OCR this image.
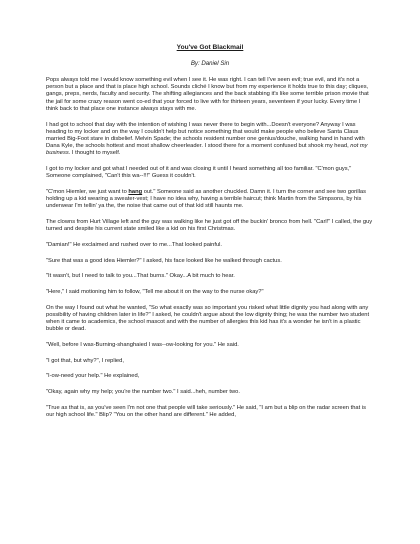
You've Got Blackmail
By: Daniel Sin

Pops always told me I would know something evil when I see it. He was right. I can tell I've seen evil; true evil, and it's not a person but a place and that is place high school. Sounds cliché I know but from my experience it holds true to this day; cliques, gangs, preps, nerds, faculty and security. The shifting allegiances and the back stabbing it's like some terrible prison movie that the jail for some crazy reason went co-ed that your forced to live with for thirteen years, seventeen if your lucky. Every time I think back to that place one instance always stays with me.

I had got to school that day with the intention of wishing I was never there to begin with...Doesn't everyone? Anyway I was heading to my locker and on the way I couldn't help but notice something that would make people who believe Santa Claus married Big-Foot stare in disbelief. Melvin Spade; the schools resident number one genius/douche, walking hand in hand with Dana Kyle, the schools hottest and most shallow cheerleader. I stood there for a moment confused but shook my head, not my business. I thought to myself.

I got to my locker and got what I needed out of it and was closing it until I heard something all too familiar. "C'mon guys," Someone complained, "Can't this wa--!!!" Guess it couldn't.

"C'mon Hiemler, we just want to hang out." Someone said as another chuckled. Damn it. I turn the corner and see two gorillas holding up a kid wearing a sweater-vest; I have no idea why, having a terrible haircut; think Martin from the Simpsons, by his underwear I'm tellin' ya the, the noise that came out of that kid still haunts me.

The clowns from Hurt Village left and the guy was walking like he just got off the buckin' bronco from hell. "Carl!" I called, the guy turned and despite his current state smiled like a kid on his first Christmas.

"Damian!" He exclaimed and rushed over to me...That looked painful.

"Sure that was a good idea Hiemler?" I asked, his face looked like he walked through cactus.

"It wasn't, but I need to talk to you...That burns." Okay...A bit much to hear.

"Here," I said motioning him to follow, "Tell me about it on the way to the nurse okay?"

On the way I found out what he wanted, "So what exactly was so important you risked what little dignity you had along with any possibility of having children later in life?" I asked, he couldn't argue about the low dignity thing; he was the number two student when it came to academics, the school mascot and with the number of allergies this kid has it's a wonder he isn't in a plastic bubble or dead.

"Well, before I was-Burning-shanghaied I was--ow-looking for you." He said.

"I got that, but why?", I replied,

"I-ow-need your help." He explained,

"Okay, again why my help; you're the number two." I said...heh, number two.

"True as that is, as you've seen I'm not one that people will take seriously." He said, "I am but a blip on the radar screen that is our high school life." Blip? "You on the other hand are different." He added,
